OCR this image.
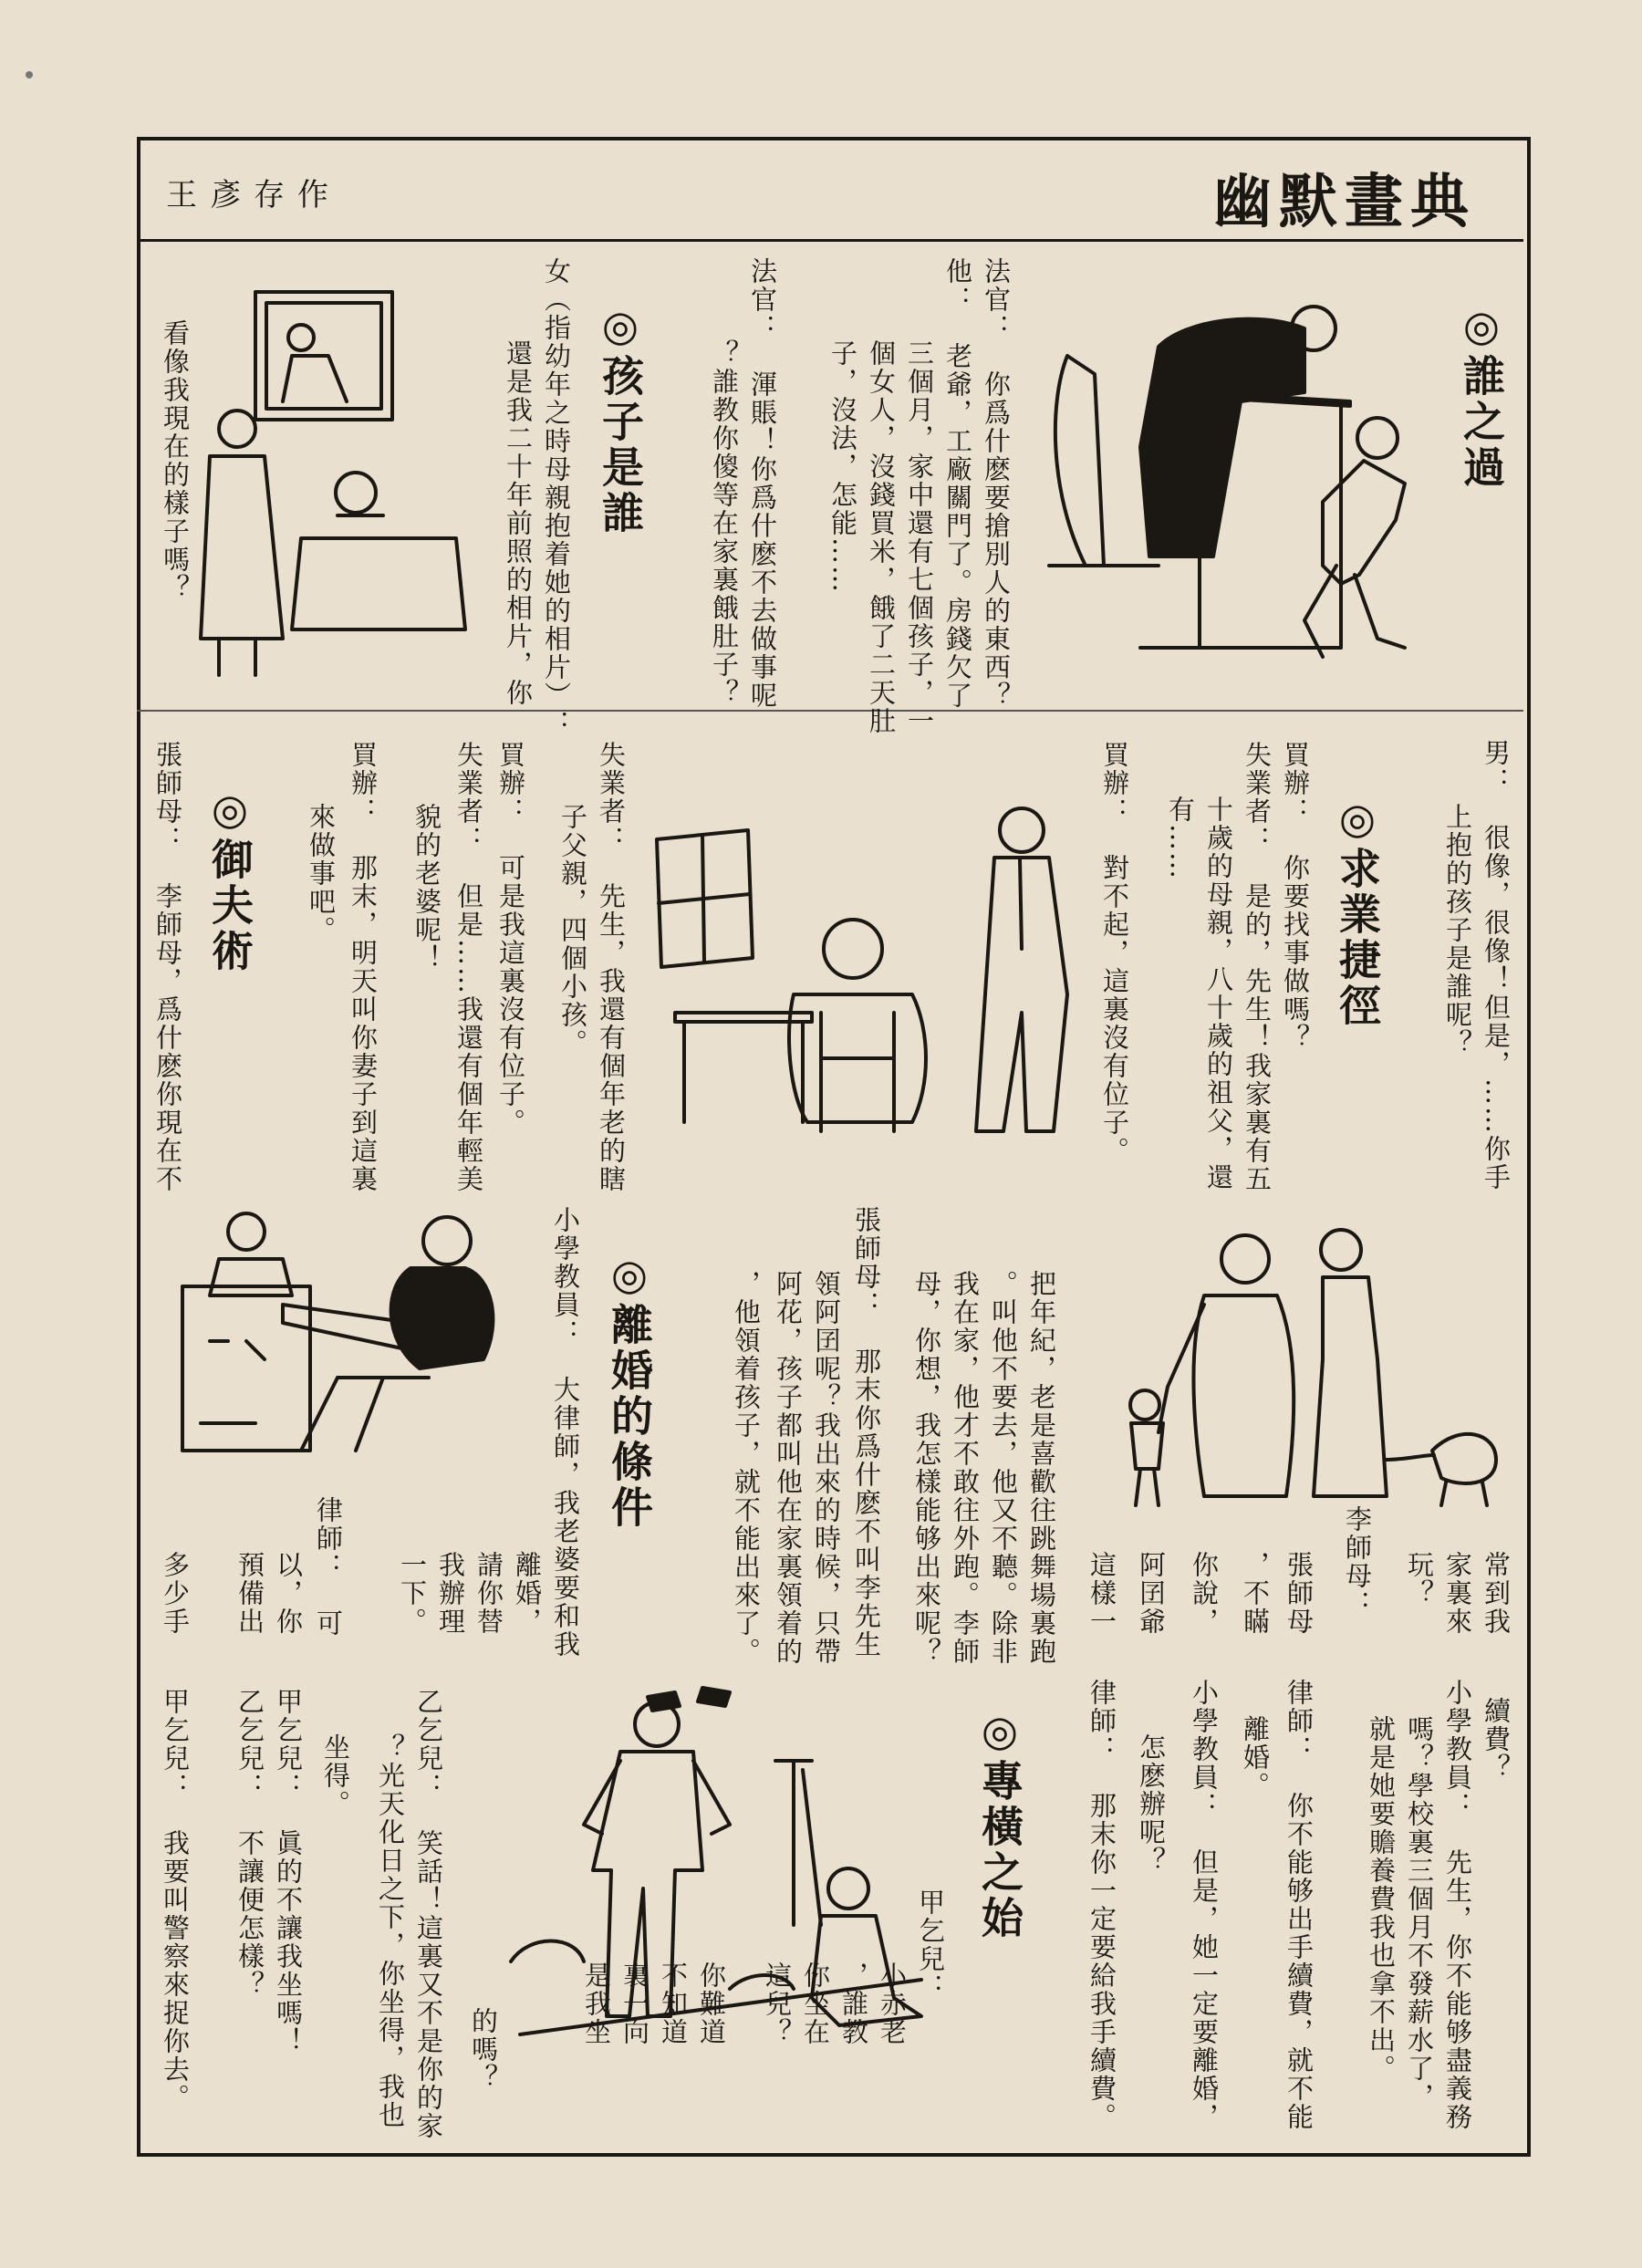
幽默畫典
王彥存作
◎誰之過
法官：　你爲什麽要搶別人的東西？
他：　老爺，工廠關門了。房錢欠了
三個月，家中還有七個孩子，一
個女人，沒錢買米，餓了二天肚
子，沒法，怎能……
法官：　渾賬！你爲什麽不去做事呢
？誰教你傻等在家裏餓肚子？
◎孩子是誰
女（指幼年之時母親抱着她的相片）：
還是我二十年前照的相片，你
看像我現在的樣子嗎？
男：　很像，很像！但是，……你手
上抱的孩子是誰呢？
◎求業捷徑
買辦：　你要找事做嗎？
失業者：　是的，先生！我家裏有五
十歲的母親，八十歲的祖父，還
有……
買辦：　對不起，這裏沒有位子。
失業者：　先生，我還有個年老的瞎
子父親，四個小孩。
買辦：　可是我這裏沒有位子。
失業者：　但是……我還有個年輕美
貌的老婆呢！
買辦：　那末，明天叫你妻子到這裏
來做事吧。
◎御夫術
張師母：　李師母，爲什麽你現在不
把年紀，老是喜歡往跳舞場裏跑
。叫他不要去，他又不聽。除非
我在家，他才不敢往外跑。李師
母，你想，我怎樣能够出來呢？
張師母：　那末你爲什麽不叫李先生
領阿囝呢？我出來的時候，只帶
阿花，孩子都叫他在家裏領着的
，他領着孩子，就不能出來了。
◎離婚的條件
小學教員：　大律師，我老婆要和我
離婚，
請你替
我辦理
一下。
律師：　可
以，你
預備出
多少手	常到我
家裏來
玩？
李師母：
張師母
，不瞞
你說，
阿囝爺
這樣一
續費？
小學教員：　先生，你不能够盡義務
嗎？學校裏三個月不發薪水了，
就是她要贍養費我也拿不出。
律師：　你不能够出手續費，就不能
離婚。
小學教員：　但是，她一定要離婚，
怎麽辦呢？
律師：　那末你一定要給我手續費。
◎專橫之始
甲乞兒：
小赤老
，誰教
你坐在
這兒？
你難道
不知道
裏一向
是我坐
的嗎？
乙乞兒：　笑話！這裏又不是你的家
？光天化日之下，你坐得，我也
坐得。
甲乞兒：　眞的不讓我坐嗎！
乙乞兒：　不讓便怎樣？
甲乞兒：　我要叫警察來捉你去。
